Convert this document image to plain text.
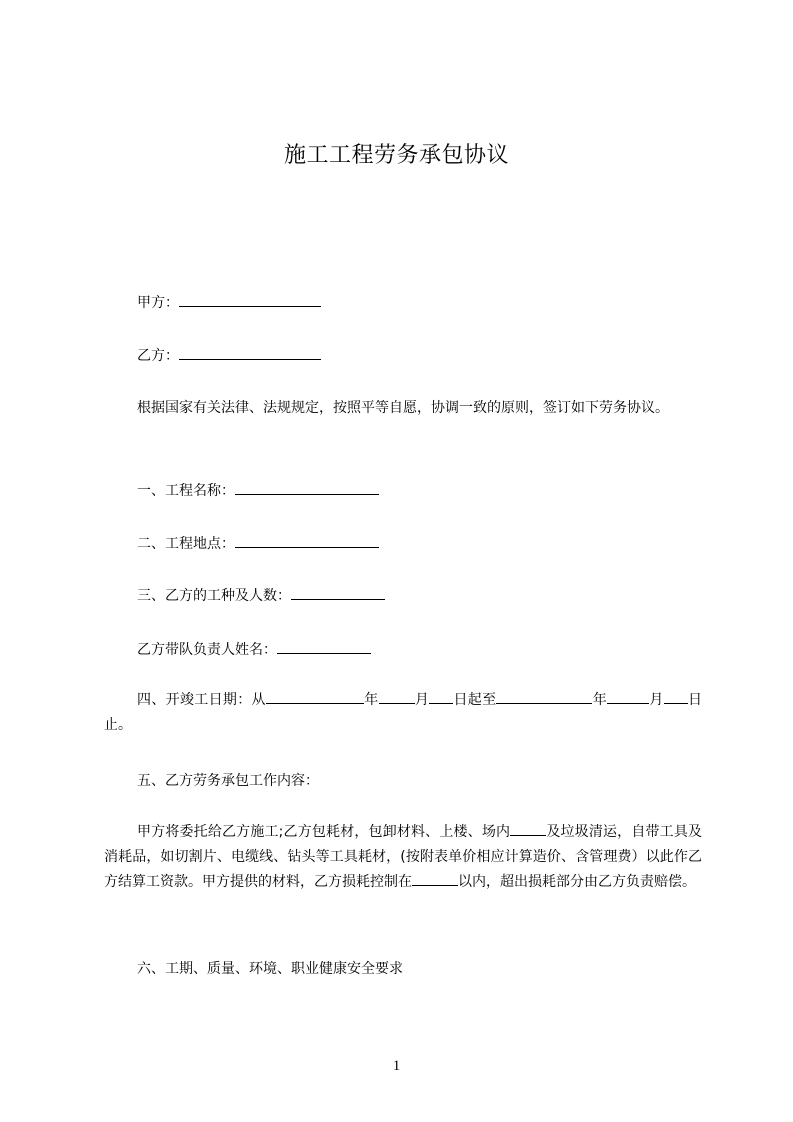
施工工程劳务承包协议
甲方：
乙方：
根据国家有关法律、法规规定，按照平等自愿，协调一致的原则，签订如下劳务协议。
一、工程名称：
二、工程地点：
三、乙方的工种及人数：
乙方带队负责人姓名：
四、开竣工日期：从	年	月 日起至	年	月 日止。
五、乙方劳务承包工作内容：
甲方将委托给乙方施工;乙方包耗材，包卸材料、上楼、场内	及垃圾清运，自带工具及消耗品，如切割片、电缆线、钻头等工具耗材，(按附表单价相应计算造价、含管理费）以此作乙方结算工资款。甲方提供的材料，乙方损耗控制在	以内，超出损耗部分由乙方负责赔偿。
六、工期、质量、环境、职业健康安全要求
1
